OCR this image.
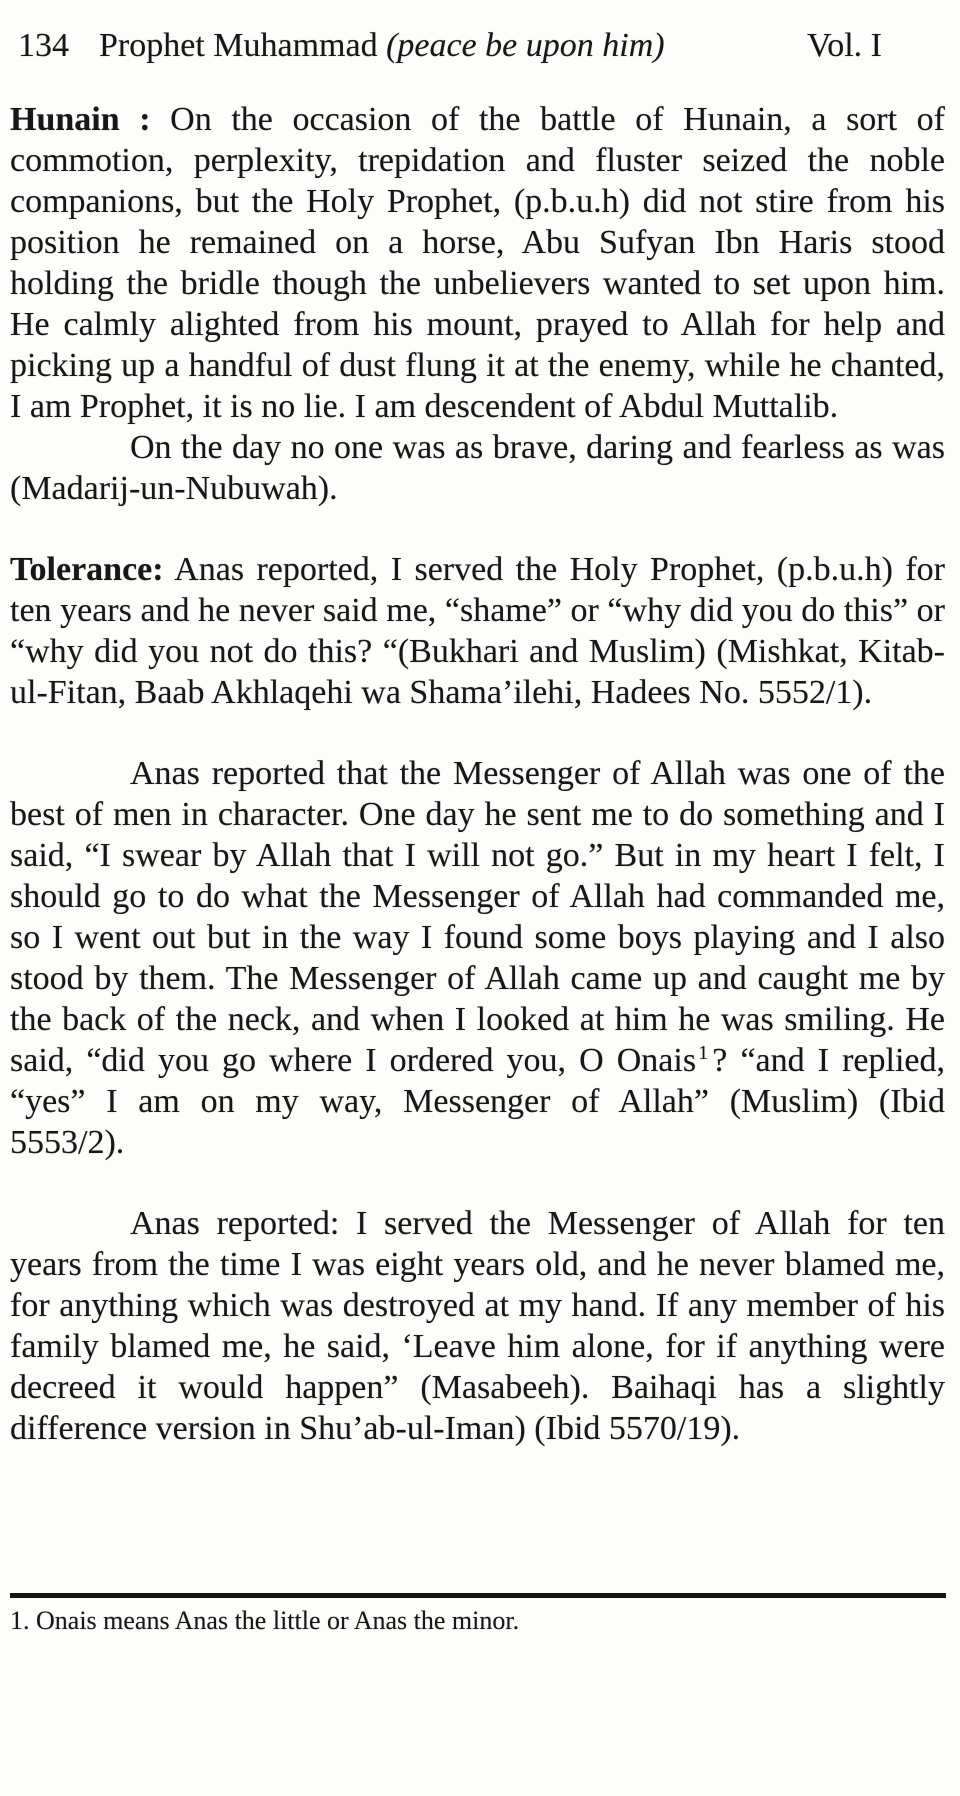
134 Prophet Muhammad (peace be upon him)	Vol. I

Hunain : On the occasion of the battle of Hunain, a sort of commotion, perplexity, trepidation and fluster seized the noble companions, but the Holy Prophet, (p.b.u.h) did not stire from his position he remained on a horse, Abu Sufyan Ibn Haris stood holding the bridle though the unbelievers wanted to set upon him. He calmly alighted from his mount, prayed to Allah for help and picking up a handful of dust flung it at the enemy, while he chanted, I am Prophet, it is no lie. I am descendent of Abdul Muttalib.

On the day no one was as brave, daring and fearless as was (Madarij-un-Nubuwah).

Tolerance: Anas reported, I served the Holy Prophet, (p.b.u.h) for ten years and he never said me, “shame” or “why did you do this” or “why did you not do this? “(Bukhari and Muslim) (Mishkat, Kitab-ul-Fitan, Baab Akhlaqehi wa Shama’ilehi, Hadees No. 5552/1).

Anas reported that the Messenger of Allah was one of the best of men in character. One day he sent me to do something and I said, “I swear by Allah that I will not go.” But in my heart I felt, I should go to do what the Messenger of Allah had commanded me, so I went out but in the way I found some boys playing and I also stood by them. The Messenger of Allah came up and caught me by the back of the neck, and when I looked at him he was smiling. He said, “did you go where I ordered you, O Onais$^1$ ? “and I replied, “yes” I am on my way, Messenger of Allah” (Muslim) (Ibid 5553/2).

Anas reported: I served the Messenger of Allah for ten years from the time I was eight years old, and he never blamed me, for anything which was destroyed at my hand. If any member of his family blamed me, he said, ‘Leave him alone, for if anything were decreed it would happen” (Masabeeh). Baihaqi has a slightly difference version in Shu’ab-ul-Iman) (Ibid 5570/19).

1. Onais means Anas the little or Anas the minor.
